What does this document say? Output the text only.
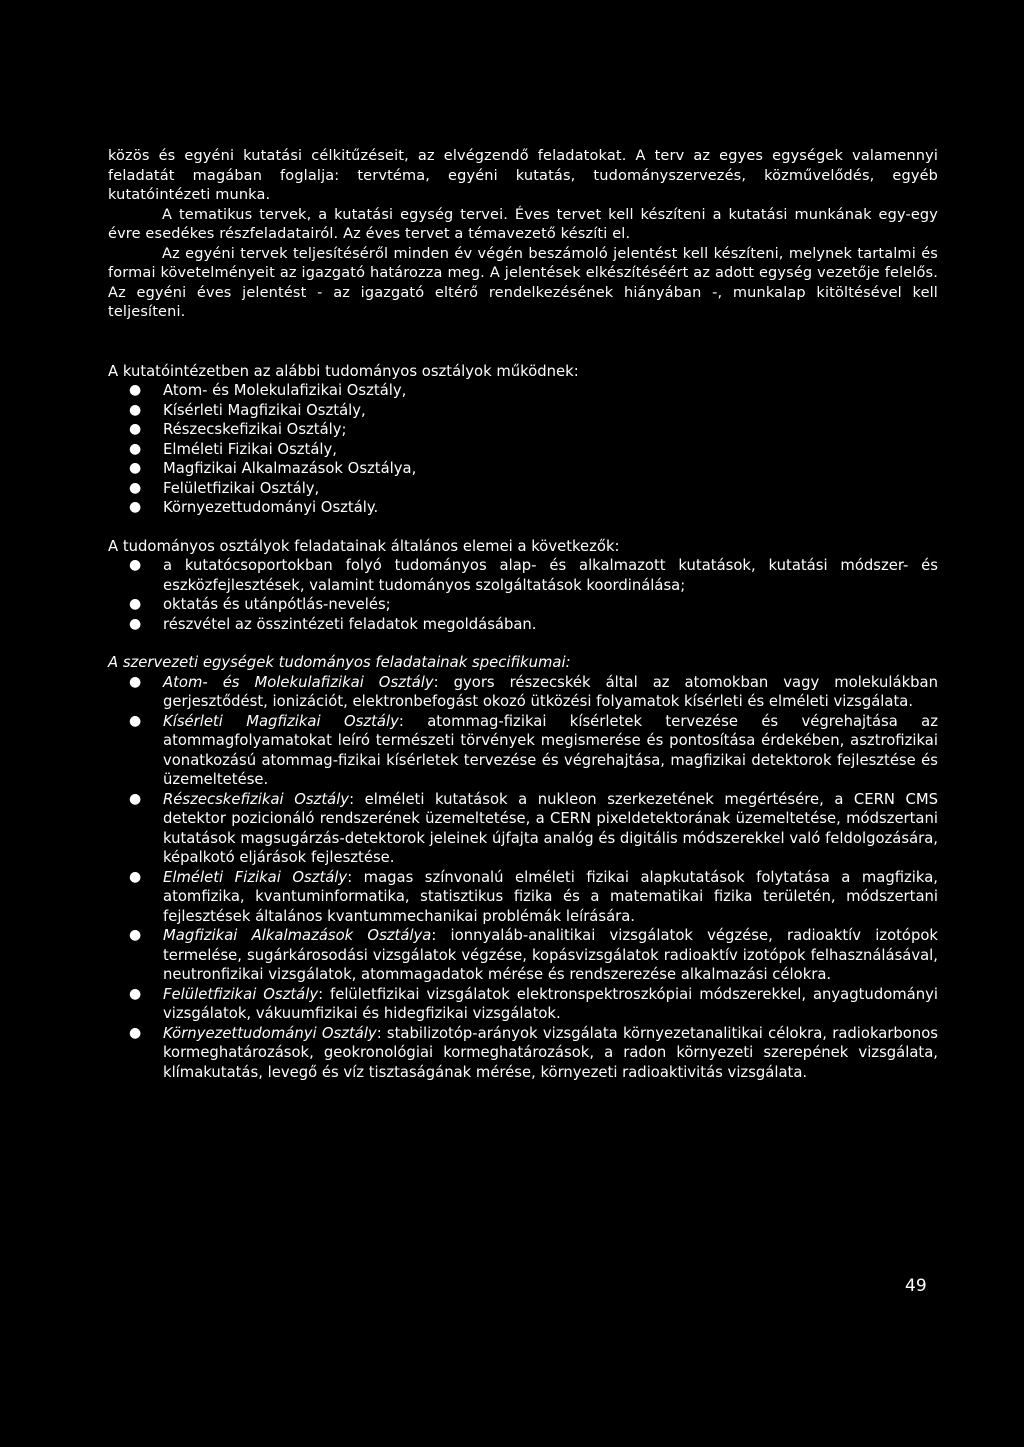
közös és egyéni kutatási célkitűzéseit, az elvégzendő feladatokat. A terv az egyes egységek valamennyi feladatát magában foglalja: tervtéma, egyéni kutatás, tudományszervezés, közművelődés, egyéb kutatóintézeti munka.

A tematikus tervek, a kutatási egység tervei. Éves tervet kell készíteni a kutatási munkának egy-egy évre esedékes részfeladatairól. Az éves tervet a témavezető készíti el.

Az egyéni tervek teljesítéséről minden év végén beszámoló jelentést kell készíteni, melynek tartalmi és formai követelményeit az igazgató határozza meg. A jelentések elkészítéséért az adott egység vezetője felelős. Az egyéni éves jelentést - az igazgató eltérő rendelkezésének hiányában -, munkalap kitöltésével kell teljesíteni.

A kutatóintézetben az alábbi tudományos osztályok működnek:

● Atom- és Molekulafizikai Osztály,
● Kísérleti Magfizikai Osztály,
● Részecskefizikai Osztály;
● Elméleti Fizikai Osztály,
● Magfizikai Alkalmazások Osztálya,
● Felületfizikai Osztály,
● Környezettudományi Osztály.

A tudományos osztályok feladatainak általános elemei a következők:

● a kutatócsoportokban folyó tudományos alap- és alkalmazott kutatások, kutatási módszer- és eszközfejlesztések, valamint tudományos szolgáltatások koordinálása;
● oktatás és utánpótlás-nevelés;
● részvétel az összintézeti feladatok megoldásában.

A szervezeti egységek tudományos feladatainak specifikumai:

● Atom- és Molekulafizikai Osztály: gyors részecskék által az atomokban vagy molekulákban gerjesztődést, ionizációt, elektronbefogást okozó ütközési folyamatok kísérleti és elméleti vizsgálata.
● Kísérleti Magfizikai Osztály: atommag-fizikai kísérletek tervezése és végrehajtása az atommagfolyamatokat leíró természeti törvények megismerése és pontosítása érdekében, asztrofizikai vonatkozású atommag-fizikai kísérletek tervezése és végrehajtása, magfizikai detektorok fejlesztése és üzemeltetése.
● Részecskefizikai Osztály: elméleti kutatások a nukleon szerkezetének megértésére, a CERN CMS detektor pozicionáló rendszerének üzemeltetése, a CERN pixeldetektorának üzemeltetése, módszertani kutatások magsugárzás-detektorok jeleinek újfajta analóg és digitális módszerekkel való feldolgozására, képalkotó eljárások fejlesztése.
● Elméleti Fizikai Osztály: magas színvonalú elméleti fizikai alapkutatások folytatása a magfizika, atomfizika, kvantuminformatika, statisztikus fizika és a matematikai fizika területén, módszertani fejlesztések általános kvantummechanikai problémák leírására.
● Magfizikai Alkalmazások Osztálya: ionnyaláb-analitikai vizsgálatok végzése, radioaktív izotópok termelése, sugárkárosodási vizsgálatok végzése, kopásvizsgálatok radioaktív izotópok felhasználásával, neutronfizikai vizsgálatok, atommagadatok mérése és rendszerezése alkalmazási célokra.
● Felületfizikai Osztály: felületfizikai vizsgálatok elektronspektroszkópiai módszerekkel, anyagtudományi vizsgálatok, vákuumfizikai és hidegfizikai vizsgálatok.
● Környezettudományi Osztály: stabilizotóp-arányok vizsgálata környezetanalitikai célokra, radiokarbonos kormeghatározások, geokronológiai kormeghatározások, a radon környezeti szerepének vizsgálata, klímakutatás, levegő és víz tisztaságának mérése, környezeti radioaktivitás vizsgálata.
49
